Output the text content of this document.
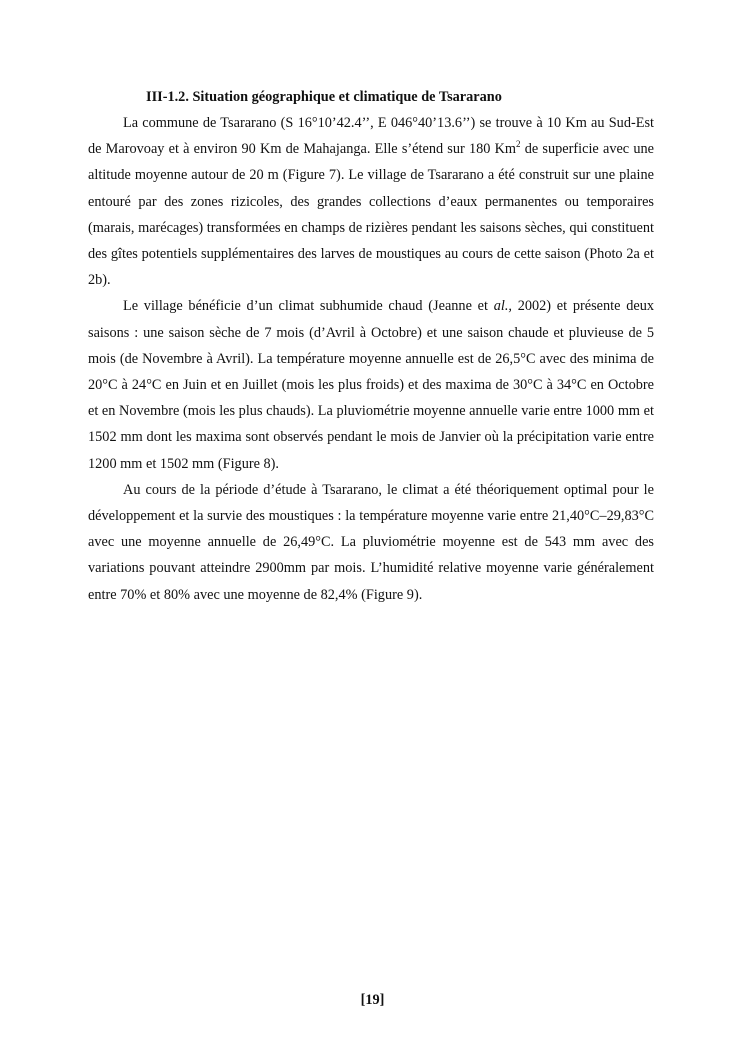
III-1.2. Situation géographique et climatique de Tsararano

La commune de Tsararano (S 16°10’42.4’’, E 046°40’13.6’’) se trouve à 10 Km au Sud-Est de Marovoay et à environ 90 Km de Mahajanga. Elle s’étend sur 180 Km$^2$ de superficie avec une altitude moyenne autour de 20 m (Figure 7). Le village de Tsararano a été construit sur une plaine entouré par des zones rizicoles, des grandes collections d’eaux permanentes ou temporaires (marais, marécages) transformées en champs de rizières pendant les saisons sèches, qui constituent des gîtes potentiels supplémentaires des larves de moustiques au cours de cette saison (Photo 2a et 2b).

Le village bénéficie d’un climat subhumide chaud (Jeanne et al., 2002) et présente deux saisons : une saison sèche de 7 mois (d’Avril à Octobre) et une saison chaude et pluvieuse de 5 mois (de Novembre à Avril). La température moyenne annuelle est de 26,5°C avec des minima de 20°C à 24°C en Juin et en Juillet (mois les plus froids) et des maxima de 30°C à 34°C en Octobre et en Novembre (mois les plus chauds). La pluviométrie moyenne annuelle varie entre 1000 mm et 1502 mm dont les maxima sont observés pendant le mois de Janvier où la précipitation varie entre 1200 mm et 1502 mm (Figure 8).

Au cours de la période d’étude à Tsararano, le climat a été théoriquement optimal pour le développement et la survie des moustiques : la température moyenne varie entre 21,40°C–29,83°C avec une moyenne annuelle de 26,49°C. La pluviométrie moyenne est de 543 mm avec des variations pouvant atteindre 2900mm par mois. L’humidité relative moyenne varie généralement entre 70% et 80% avec une moyenne de 82,4% (Figure 9).

[19]
